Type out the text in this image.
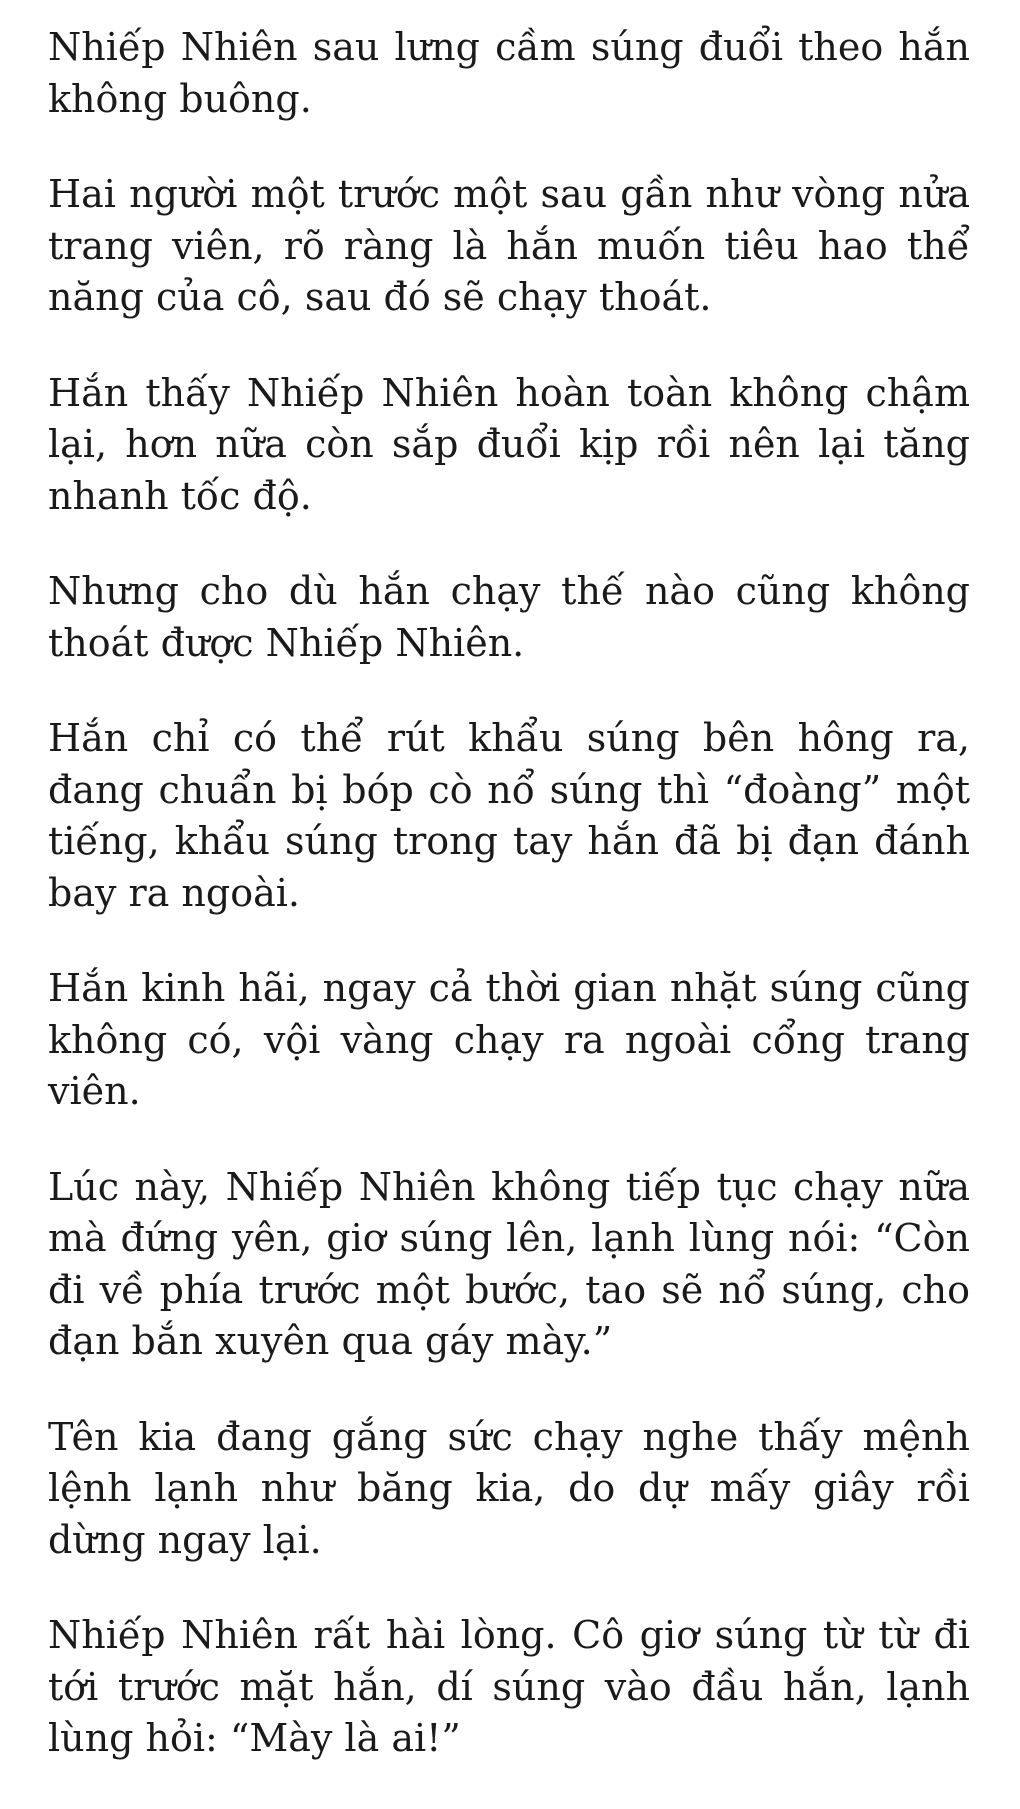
Nhiếp Nhiên sau lưng cầm súng đuổi theo hắn không buông.

Hai người một trước một sau gần như vòng nửa trang viên, rõ ràng là hắn muốn tiêu hao thể năng của cô, sau đó sẽ chạy thoát.

Hắn thấy Nhiếp Nhiên hoàn toàn không chậm lại, hơn nữa còn sắp đuổi kịp rồi nên lại tăng nhanh tốc độ.

Nhưng cho dù hắn chạy thế nào cũng không thoát được Nhiếp Nhiên.

Hắn chỉ có thể rút khẩu súng bên hông ra, đang chuẩn bị bóp cò nổ súng thì “đoàng” một tiếng, khẩu súng trong tay hắn đã bị đạn đánh bay ra ngoài.

Hắn kinh hãi, ngay cả thời gian nhặt súng cũng không có, vội vàng chạy ra ngoài cổng trang viên.

Lúc này, Nhiếp Nhiên không tiếp tục chạy nữa mà đứng yên, giơ súng lên, lạnh lùng nói: “Còn đi về phía trước một bước, tao sẽ nổ súng, cho đạn bắn xuyên qua gáy mày.”

Tên kia đang gắng sức chạy nghe thấy mệnh lệnh lạnh như băng kia, do dự mấy giây rồi dừng ngay lại.

Nhiếp Nhiên rất hài lòng. Cô giơ súng từ từ đi tới trước mặt hắn, dí súng vào đầu hắn, lạnh lùng hỏi: “Mày là ai!”
